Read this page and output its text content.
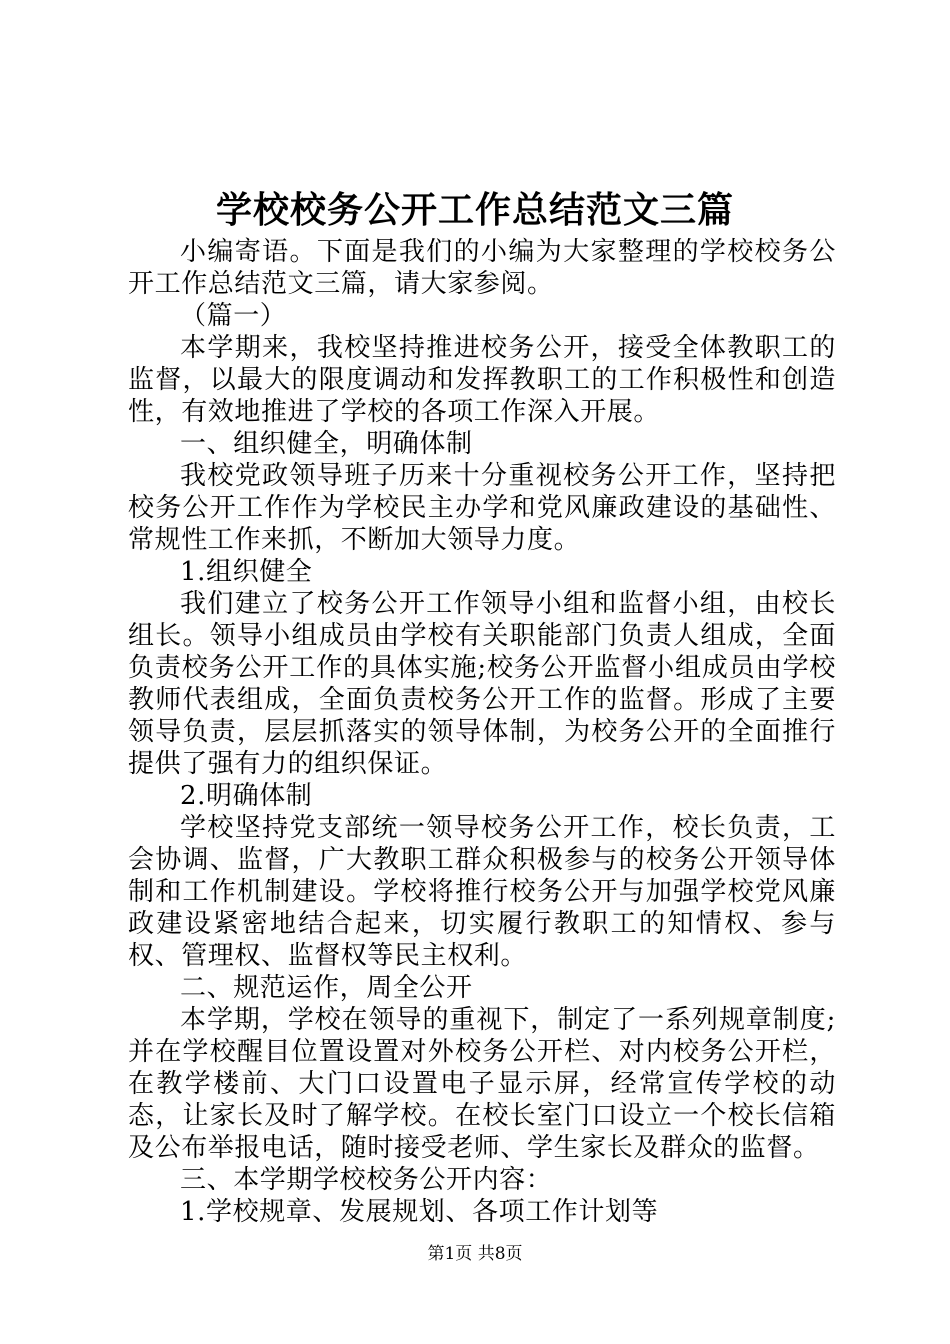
学校校务公开工作总结范文三篇

小编寄语。下面是我们的小编为大家整理的学校校务公开工作总结范文三篇，请大家参阅。

（篇一）

本学期来，我校坚持推进校务公开，接受全体教职工的监督，以最大的限度调动和发挥教职工的工作积极性和创造性，有效地推进了学校的各项工作深入开展。

一、组织健全，明确体制

我校党政领导班子历来十分重视校务公开工作，坚持把校务公开工作作为学校民主办学和党风廉政建设的基础性、常规性工作来抓，不断加大领导力度。

1.组织健全

我们建立了校务公开工作领导小组和监督小组，由校长组长。领导小组成员由学校有关职能部门负责人组成，全面负责校务公开工作的具体实施;校务公开监督小组成员由学校教师代表组成，全面负责校务公开工作的监督。形成了主要领导负责，层层抓落实的领导体制，为校务公开的全面推行提供了强有力的组织保证。

2.明确体制

学校坚持党支部统一领导校务公开工作，校长负责，工会协调、监督，广大教职工群众积极参与的校务公开领导体制和工作机制建设。学校将推行校务公开与加强学校党风廉政建设紧密地结合起来，切实履行教职工的知情权、参与权、管理权、监督权等民主权利。

二、规范运作，周全公开

本学期，学校在领导的重视下，制定了一系列规章制度;并在学校醒目位置设置对外校务公开栏、对内校务公开栏，在教学楼前、大门口设置电子显示屏，经常宣传学校的动态，让家长及时了解学校。在校长室门口设立一个校长信箱及公布举报电话，随时接受老师、学生家长及群众的监督。

三、本学期学校校务公开内容：

1.学校规章、发展规划、各项工作计划等

第1页 共8页
